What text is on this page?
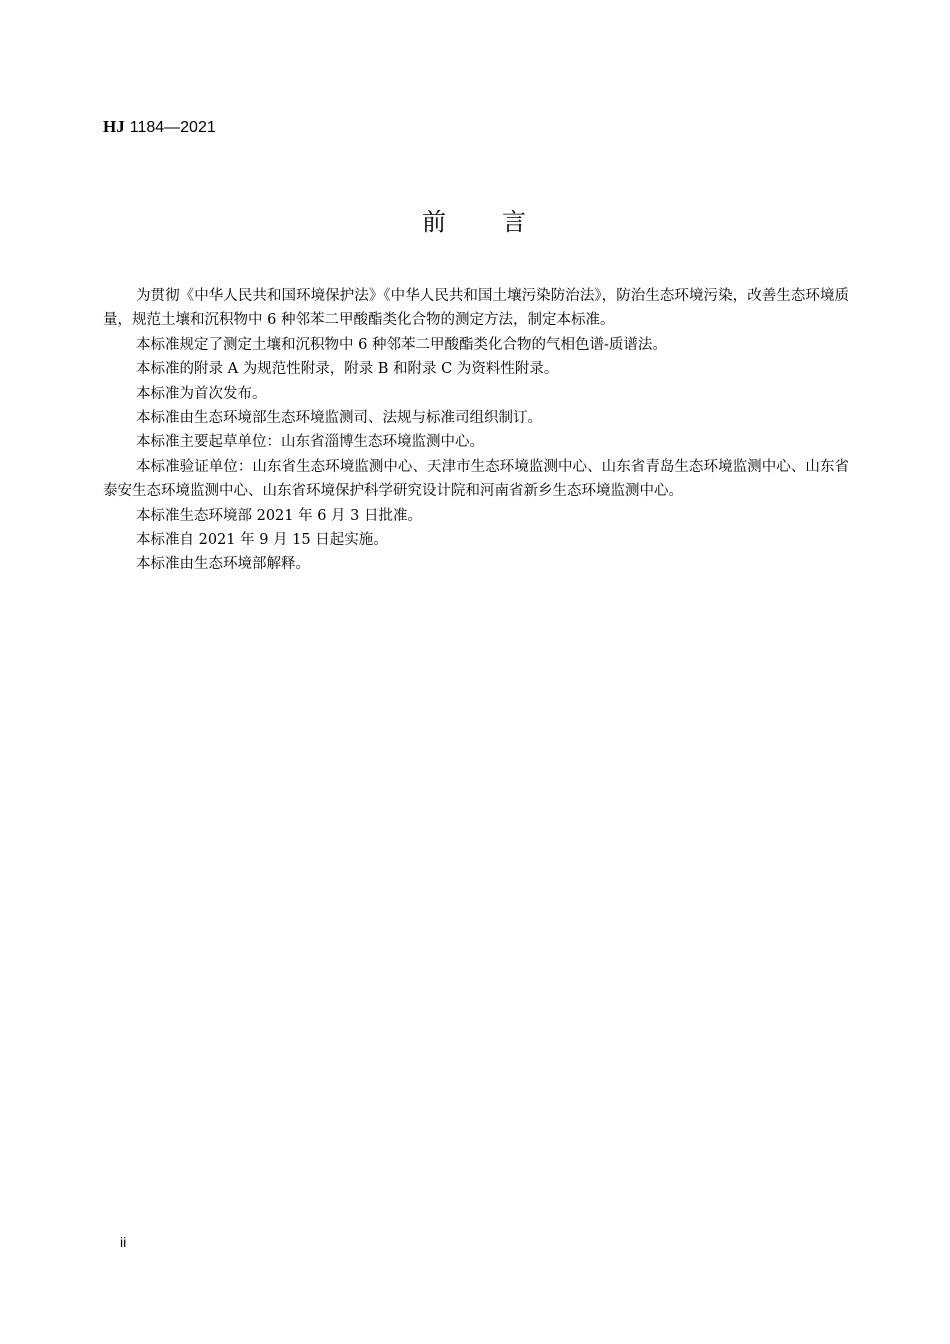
HJ 1184—2021
前 言

为贯彻《中华人民共和国环境保护法》《中华人民共和国土壤污染防治法》，防治生态环境污染，改善生态环境质量，规范土壤和沉积物中 6 种邻苯二甲酸酯类化合物的测定方法，制定本标准。

本标准规定了测定土壤和沉积物中 6 种邻苯二甲酸酯类化合物的气相色谱-质谱法。

本标准的附录 A 为规范性附录，附录 B 和附录 C 为资料性附录。

本标准为首次发布。

本标准由生态环境部生态环境监测司、法规与标准司组织制订。

本标准主要起草单位：山东省淄博生态环境监测中心。

本标准验证单位：山东省生态环境监测中心、天津市生态环境监测中心、山东省青岛生态环境监测中心、山东省泰安生态环境监测中心、山东省环境保护科学研究设计院和河南省新乡生态环境监测中心。

本标准生态环境部 2021 年 6 月 3 日批准。

本标准自 2021 年 9 月 15 日起实施。

本标准由生态环境部解释。

ii
